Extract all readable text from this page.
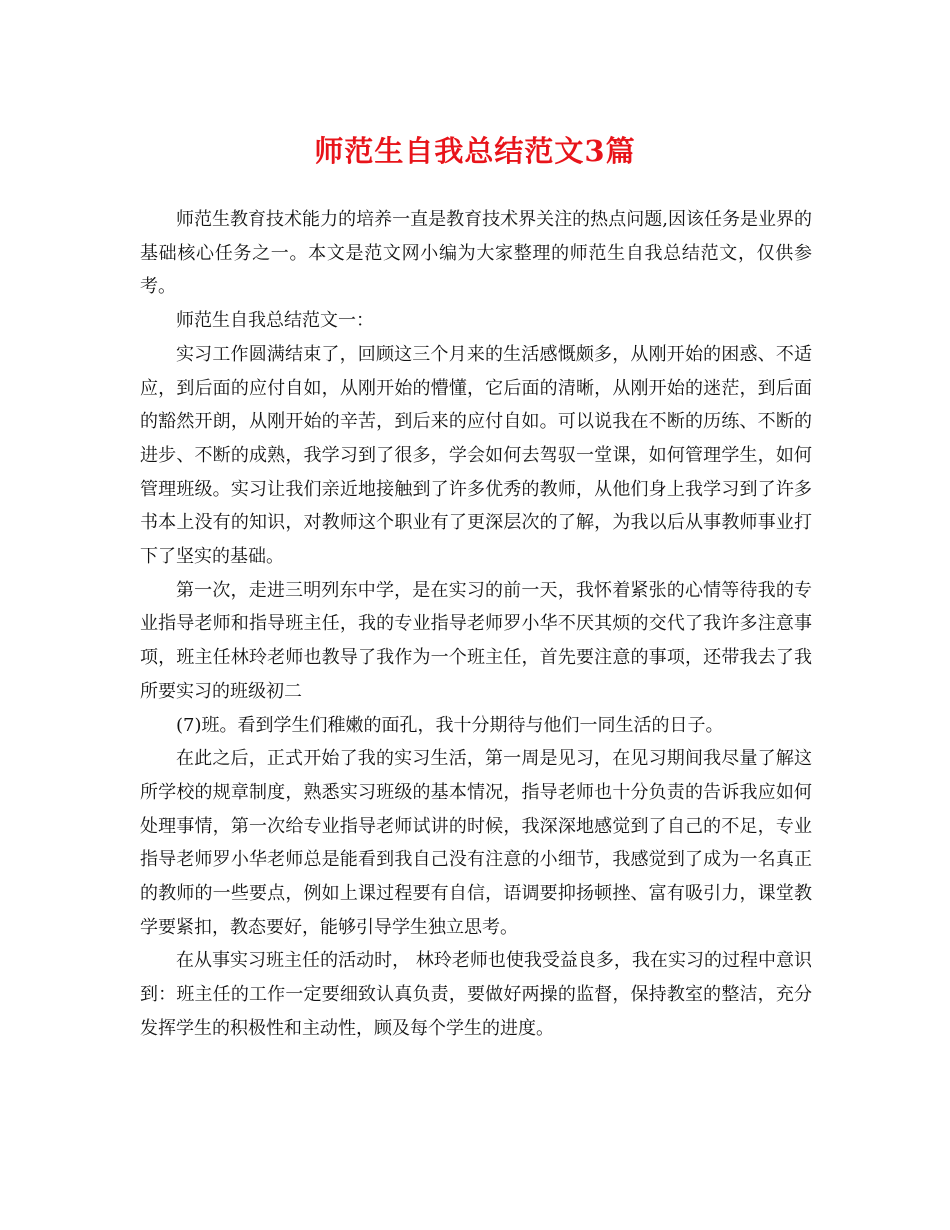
师范生自我总结范文3篇

师范生教育技术能力的培养一直是教育技术界关注的热点问题,因该任务是业界的基础核心任务之一。本文是范文网小编为大家整理的师范生自我总结范文，仅供参考。

师范生自我总结范文一：

实习工作圆满结束了，回顾这三个月来的生活感慨颇多，从刚开始的困惑、不适应，到后面的应付自如，从刚开始的懵懂，它后面的清晰，从刚开始的迷茫，到后面的豁然开朗，从刚开始的辛苦，到后来的应付自如。可以说我在不断的历练、不断的进步、不断的成熟，我学习到了很多，学会如何去驾驭一堂课，如何管理学生，如何管理班级。实习让我们亲近地接触到了许多优秀的教师，从他们身上我学习到了许多书本上没有的知识，对教师这个职业有了更深层次的了解，为我以后从事教师事业打下了坚实的基础。

第一次，走进三明列东中学，是在实习的前一天，我怀着紧张的心情等待我的专业指导老师和指导班主任，我的专业指导老师罗小华不厌其烦的交代了我许多注意事项，班主任林玲老师也教导了我作为一个班主任，首先要注意的事项，还带我去了我所要实习的班级初二

(7)班。看到学生们稚嫩的面孔，我十分期待与他们一同生活的日子。

在此之后，正式开始了我的实习生活，第一周是见习，在见习期间我尽量了解这所学校的规章制度，熟悉实习班级的基本情况，指导老师也十分负责的告诉我应如何处理事情，第一次给专业指导老师试讲的时候，我深深地感觉到了自己的不足，专业指导老师罗小华老师总是能看到我自己没有注意的小细节，我感觉到了成为一名真正的教师的一些要点，例如上课过程要有自信，语调要抑扬顿挫、富有吸引力，课堂教学要紧扣，教态要好，能够引导学生独立思考。

在从事实习班主任的活动时， 林玲老师也使我受益良多，我在实习的过程中意识到：班主任的工作一定要细致认真负责，要做好两操的监督，保持教室的整洁，充分发挥学生的积极性和主动性，顾及每个学生的进度。
